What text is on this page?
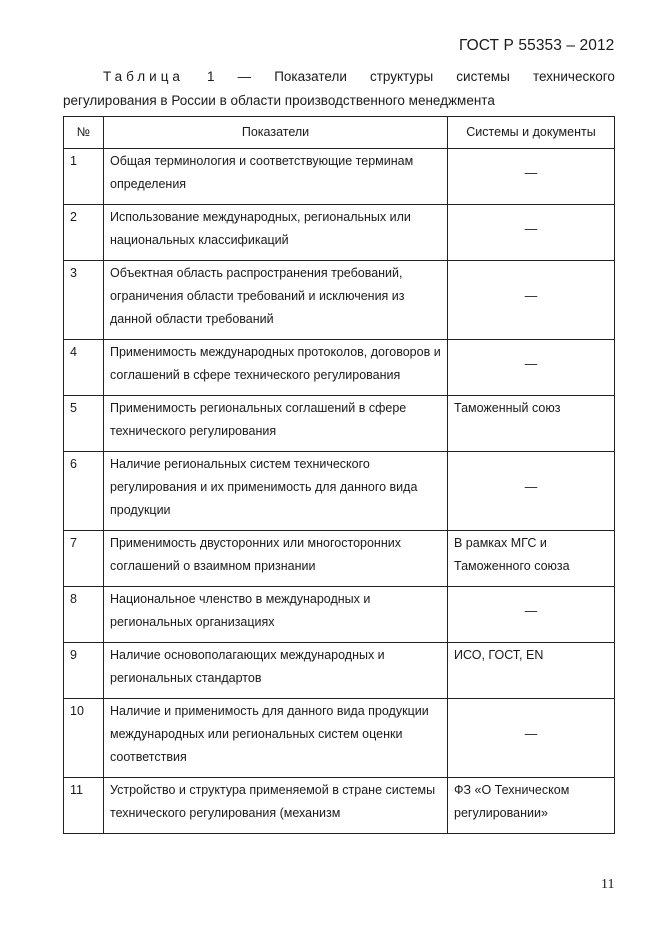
ГОСТ Р 55353 – 2012
Таблица 1 — Показатели структуры системы технического
регулирования в России в области производственного менеджмента
№	Показатели	Системы и документы
1	Общая терминология и соответствующие терминам определения	—
2	Использование международных, региональных или национальных классификаций	—
3	Объектная область распространения требований, ограничения области требований и исключения из данной области требований	—
4	Применимость международных протоколов, договоров и соглашений в сфере технического регулирования	—
5	Применимость региональных соглашений в сфере технического регулирования	Таможенный союз
6	Наличие региональных систем технического регулирования и их применимость для данного вида продукции	—
7	Применимость двусторонних или многосторонних соглашений о взаимном признании	В рамках МГС и Таможенного союза
8	Национальное членство в международных и региональных организациях	—
9	Наличие основополагающих международных и региональных стандартов	ИСО, ГОСТ, EN
10	Наличие и применимость для данного вида продукции международных или региональных систем оценки соответствия	—
11	Устройство и структура применяемой в стране системы технического регулирования (механизм	ФЗ «О Техническом регулировании»
11
